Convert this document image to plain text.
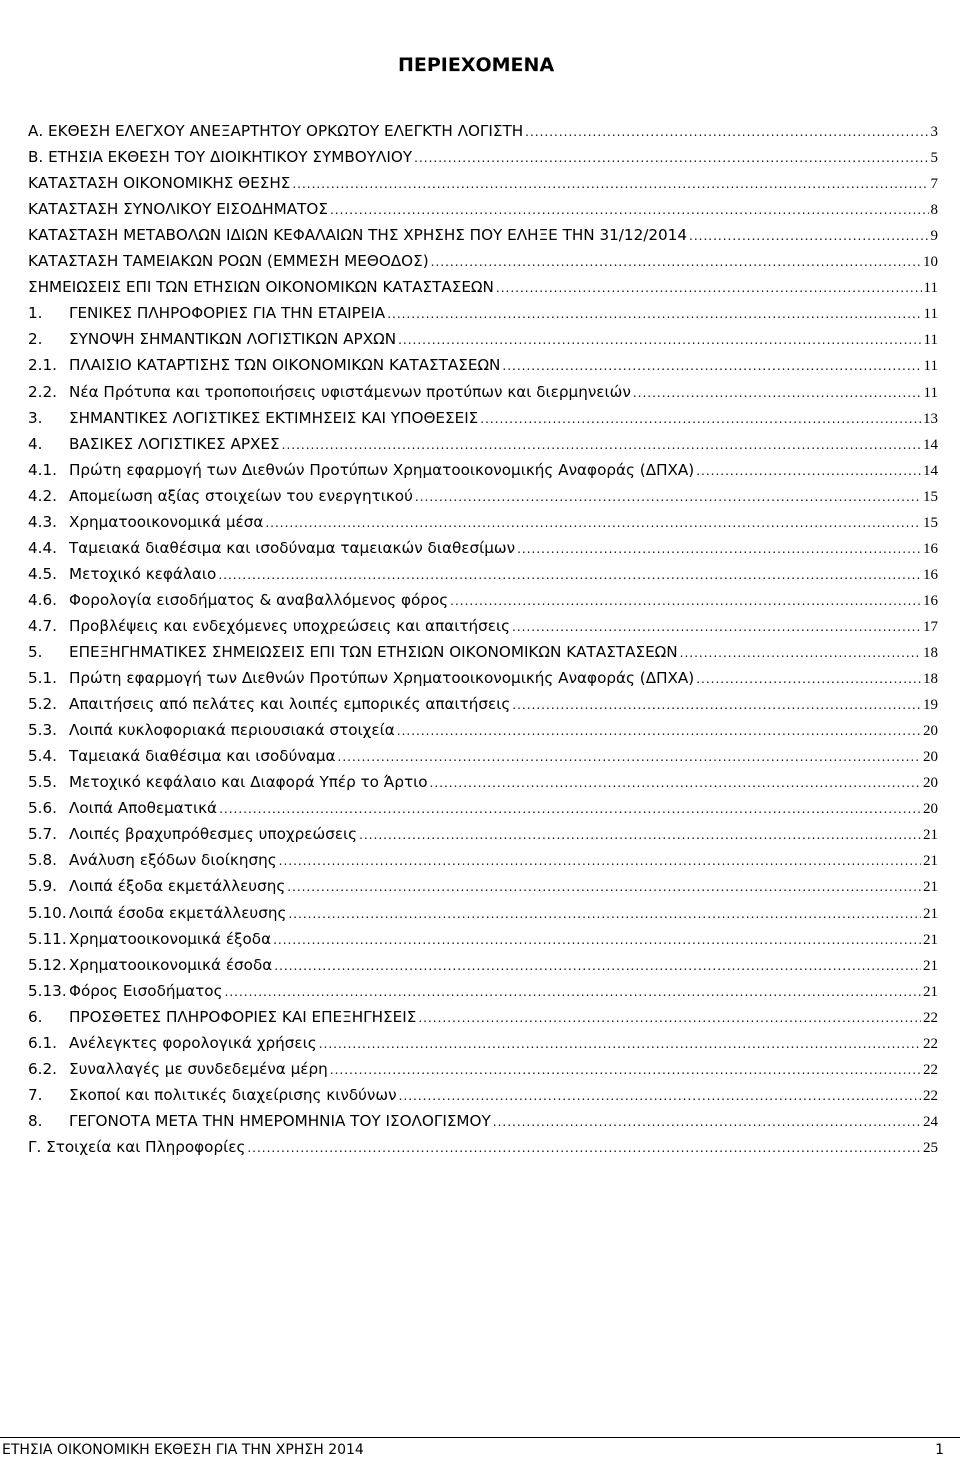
ΠΕΡΙΕΧΟΜΕΝΑ
Α. ΕΚΘΕΣΗ ΕΛΕΓΧΟΥ ΑΝΕΞΑΡΤΗΤΟΥ ΟΡΚΩΤΟΥ ΕΛΕΓΚΤΗ ΛΟΓΙΣΤΗ .....	3
Β. ΕΤΗΣΙΑ ΕΚΘΕΣΗ ΤΟΥ ΔΙΟΙΚΗΤΙΚΟΥ ΣΥΜΒΟΥΛΙΟΥ .....	5
ΚΑΤΑΣΤΑΣΗ ΟΙΚΟΝΟΜΙΚΗΣ ΘΕΣΗΣ .....	7
ΚΑΤΑΣΤΑΣΗ ΣΥΝΟΛΙΚΟΥ ΕΙΣΟΔΗΜΑΤΟΣ .....	8
ΚΑΤΑΣΤΑΣΗ ΜΕΤΑΒΟΛΩΝ ΙΔΙΩΝ ΚΕΦΑΛΑΙΩΝ ΤΗΣ ΧΡΗΣΗΣ ΠΟΥ ΕΛΗΞΕ ΤΗΝ 31/12/2014 .....	9
ΚΑΤΑΣΤΑΣΗ ΤΑΜΕΙΑΚΩΝ ΡΟΩΝ (ΕΜΜΕΣΗ ΜΕΘΟΔΟΣ) .....	10
ΣΗΜΕΙΩΣΕΙΣ ΕΠΙ ΤΩΝ ΕΤΗΣΙΩΝ ΟΙΚΟΝΟΜΙΚΩΝ ΚΑΤΑΣΤΑΣΕΩΝ .....	11
1.	ΓΕΝΙΚΕΣ ΠΛΗΡΟΦΟΡΙΕΣ ΓΙΑ ΤΗΝ ΕΤΑΙΡΕΙΑ .....	11
2.	ΣΥΝΟΨΗ ΣΗΜΑΝΤΙΚΩΝ ΛΟΓΙΣΤΙΚΩΝ ΑΡΧΩΝ .....	11
2.1. ΠΛΑΙΣΙΟ ΚΑΤΑΡΤΙΣΗΣ ΤΩΝ ΟΙΚΟΝΟΜΙΚΩΝ ΚΑΤΑΣΤΑΣΕΩΝ .....	11
2.2. Νέα Πρότυπα και τροποποιήσεις υφιστάμενων προτύπων και διερμηνειών .....	11
3.	ΣΗΜΑΝΤΙΚΕΣ ΛΟΓΙΣΤΙΚΕΣ ΕΚΤΙΜΗΣΕΙΣ ΚΑΙ ΥΠΟΘΕΣΕΙΣ .....	13
4.	ΒΑΣΙΚΕΣ ΛΟΓΙΣΤΙΚΕΣ ΑΡΧΕΣ .....	14
4.1. Πρώτη εφαρμογή των Διεθνών Προτύπων Χρηματοοικονομικής Αναφοράς (ΔΠΧΑ) .....	14
4.2. Απομείωση αξίας στοιχείων του ενεργητικού .....	15
4.3. Χρηματοοικονομικά μέσα .....	15
4.4. Ταμειακά διαθέσιμα και ισοδύναμα ταμειακών διαθεσίμων .....	16
4.5. Μετοχικό κεφάλαιο .....	16
4.6. Φορολογία εισοδήματος & αναβαλλόμενος φόρος .....	16
4.7. Προβλέψεις και ενδεχόμενες υποχρεώσεις και απαιτήσεις .....	17
5.	ΕΠΕΞΗΓΗΜΑΤΙΚΕΣ ΣΗΜΕΙΩΣΕΙΣ ΕΠΙ ΤΩΝ ΕΤΗΣΙΩΝ ΟΙΚΟΝΟΜΙΚΩΝ ΚΑΤΑΣΤΑΣΕΩΝ .....	18
5.1. Πρώτη εφαρμογή των Διεθνών Προτύπων Χρηματοοικονομικής Αναφοράς (ΔΠΧΑ) .....	18
5.2. Απαιτήσεις από πελάτες και λοιπές εμπορικές απαιτήσεις .....	19
5.3. Λοιπά κυκλοφοριακά περιουσιακά στοιχεία .....	20
5.4. Ταμειακά διαθέσιμα και ισοδύναμα .....	20
5.5. Μετοχικό κεφάλαιο και Διαφορά Υπέρ το Άρτιο .....	20
5.6. Λοιπά Αποθεματικά .....	20
5.7. Λοιπές βραχυπρόθεσμες υποχρεώσεις .....	21
5.8. Ανάλυση εξόδων διοίκησης .....	21
5.9. Λοιπά έξοδα εκμετάλλευσης .....	21
5.10. Λοιπά έσοδα εκμετάλλευσης .....	21
5.11. Χρηματοοικονομικά έξοδα .....	21
5.12. Χρηματοοικονομικά έσοδα .....	21
5.13. Φόρος Εισοδήματος .....	21
6.	ΠΡΟΣΘΕΤΕΣ ΠΛΗΡΟΦΟΡΙΕΣ ΚΑΙ ΕΠΕΞΗΓΗΣΕΙΣ .....	22
6.1. Ανέλεγκτες φορολογικά χρήσεις .....	22
6.2. Συναλλαγές με συνδεδεμένα μέρη .....	22
7.	Σκοποί και πολιτικές διαχείρισης κινδύνων .....	22
8.	ΓΕΓΟΝΟΤΑ ΜΕΤΑ ΤΗΝ ΗΜΕΡΟΜΗΝΙΑ ΤΟΥ ΙΣΟΛΟΓΙΣΜΟΥ .....	24
Γ. Στοιχεία και Πληροφορίες .....	25
ΕΤΗΣΙΑ ΟΙΚΟΝΟΜΙΚΗ ΕΚΘΕΣΗ ΓΙΑ ΤΗΝ ΧΡΗΣΗ 2014	1
